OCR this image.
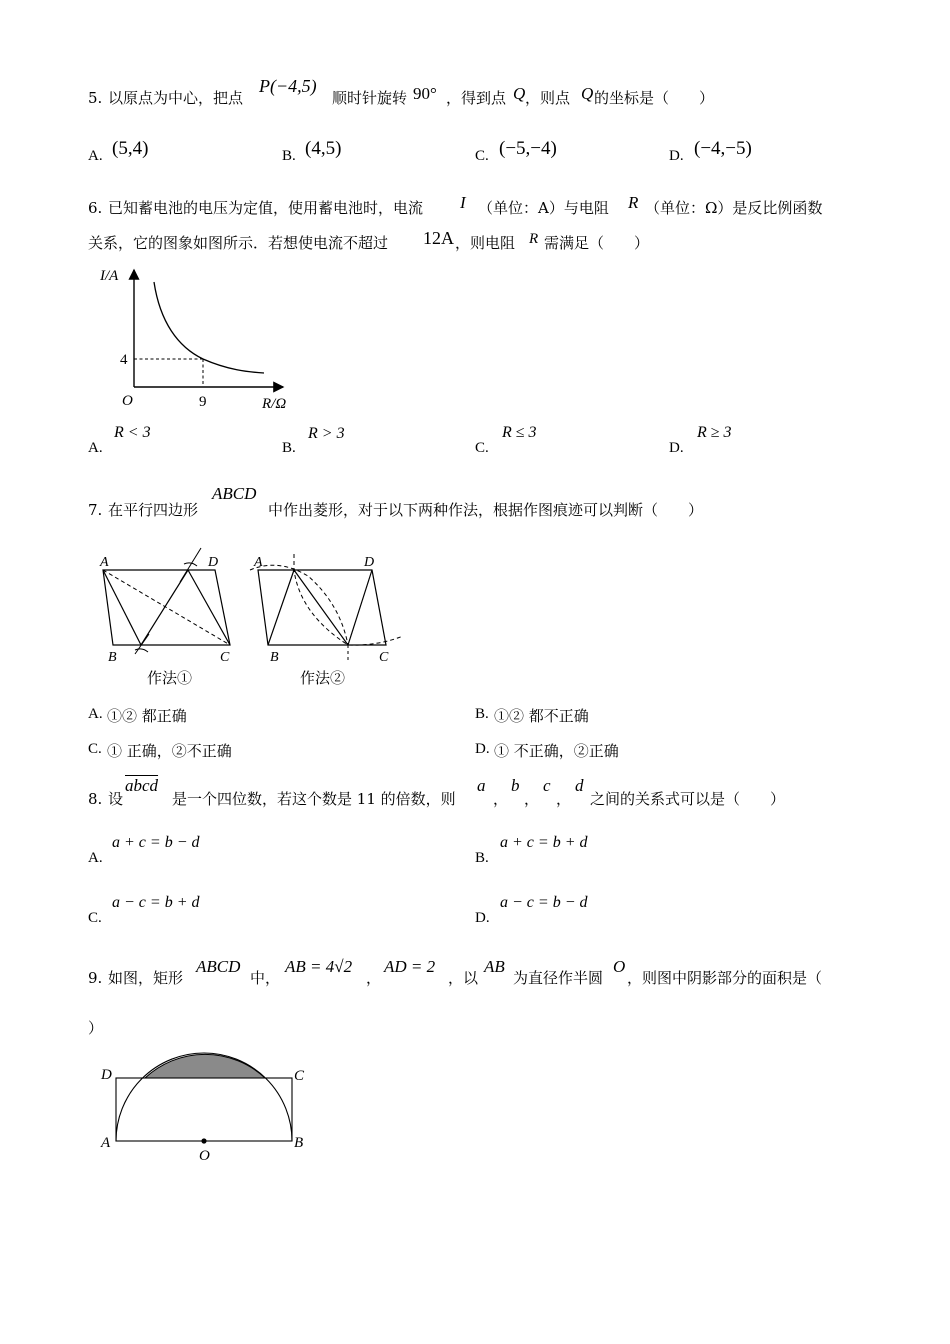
5. 以原点为中心，把点
P(−4,5)
顺时针旋转 90° ，得到点 Q ，则点 Q 的坐标是（　　）
A. (5,4)	B. (4,5)	C. (−5,−4)	D. (−4,−5)
6. 已知蓄电池的电压为定值，使用蓄电池时，电流 I （单位：A）与电阻 R （单位：Ω）是反比例函数
关系，它的图象如图所示．若想使电流不超过 12A ，则电阻 R 需满足（　　）
I/A
R/Ω
O
4
9
A.
R < 3
B.
R > 3
C.
R ≤ 3
D.
R ≥ 3
7. 在平行四边形
ABCD
中作出菱形，对于以下两种作法，根据作图痕迹可以判断（　　）
A	D
B	C
作法①
A	D
B	C
作法②
A. ①② 都正确	B. ①② 都不正确
C. ① 正确，②不正确	D. ① 不正确，②正确
8. 设
abcd
是一个四位数，若这个数是 11 的倍数，则
a
，
b
，
c
，
d
之间的关系式可以是（　　）
A.
a + c = b − d
B.
a + c = b + d
C.
a − c = b + d
D.
a − c = b − d
9. 如图，矩形
ABCD
中，
AB = 4√2
，
AD = 2
，以
AB
为直径作半圆
O
，则图中阴影部分的面积是（
）
D	C
A	B
O
